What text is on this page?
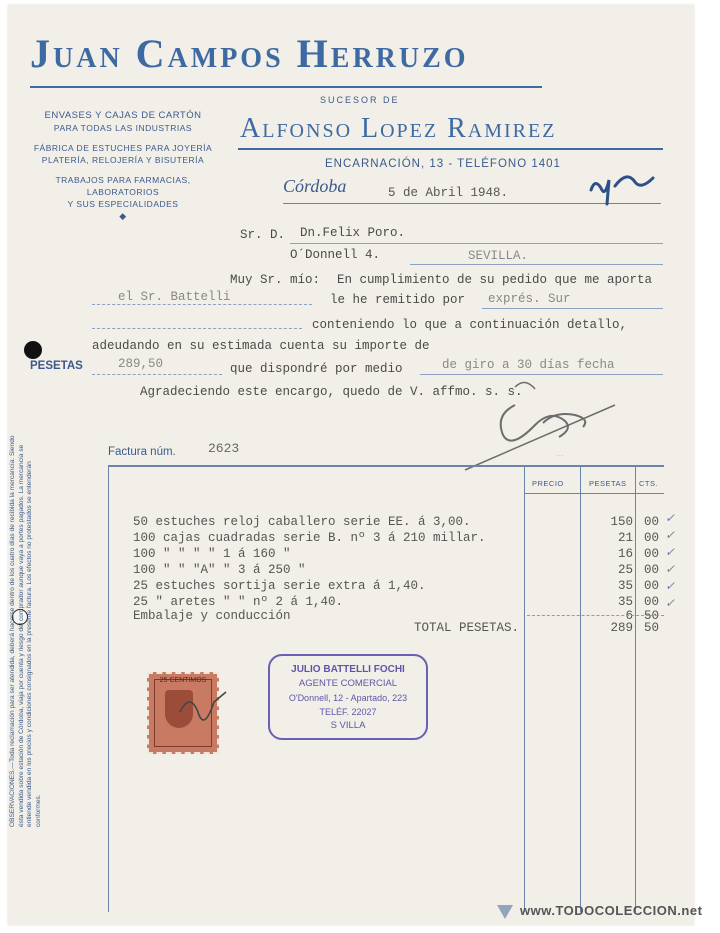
Juan Campos Herruzo
ENVASES Y CAJAS DE CARTÓN
PARA TODAS LAS INDUSTRIAS
FÁBRICA DE ESTUCHES PARA JOYERÍA
PLATERÍA, RELOJERÍA Y BISUTERÍA
TRABAJOS PARA FARMACIAS,
LABORATORIOS
Y SUS ESPECIALIDADES
◆
SUCESOR DE
Alfonso Lopez Ramirez
ENCARNACIÓN, 13 - TELÉFONO 1401
Córdoba	5 de Abril 1948.
Sr. D. Dn.Felix Poro.
O´Donnell 4.	SEVILLA.
Muy Sr. mío: En cumplimiento de su pedido que me aporta
el Sr. Battelli	le he remitido por exprés. Sur
conteniendo lo que a continuación detallo,
adeudando en su estimada cuenta su importe de
PESETAS	289,50	que dispondré por medio	de giro a 30 días fecha
Agradeciendo este encargo, quedo de V. affmo. s. s.
OBSERVACIONES.—Toda reclamación para ser atendida, deberá hacerse dentro de los cuatro días de recibida la mercancía. Siendo ésta vendida sobre estación de Córdoba, viaja por cuenta y riesgo del comprador aunque vaya a portes pagados. La mercancía se entiende vendida en los precios y condiciones consignados en la presente factura. Los efectos no protestados se entenderán conformes.
Factura núm. 2623	·····
PRECIO	PESETAS CTS.
50 estuches reloj caballero serie EE. á 3,00.	150 00
100 cajas cuadradas serie B. nº 3 á 210 millar.	21 00
100 " " " " 1 á 160 "	16 00
100 " " "A" " 3 á 250 "	25 00
25 estuches sortija serie extra á 1,40.	35 00
25 " aretes " " nº 2 á 1,40.	35 00
Embalaje y conducción	6 50
TOTAL PESETAS.	289 50
✓
✓
✓
✓
✓
✓
25 CENTIMOS
JULIO BATTELLI FOCHI
AGENTE COMERCIAL
O'Donnell, 12 - Apartado, 223
TELÉF. 22027
S VILLA
www.TODOCOLECCION.net
